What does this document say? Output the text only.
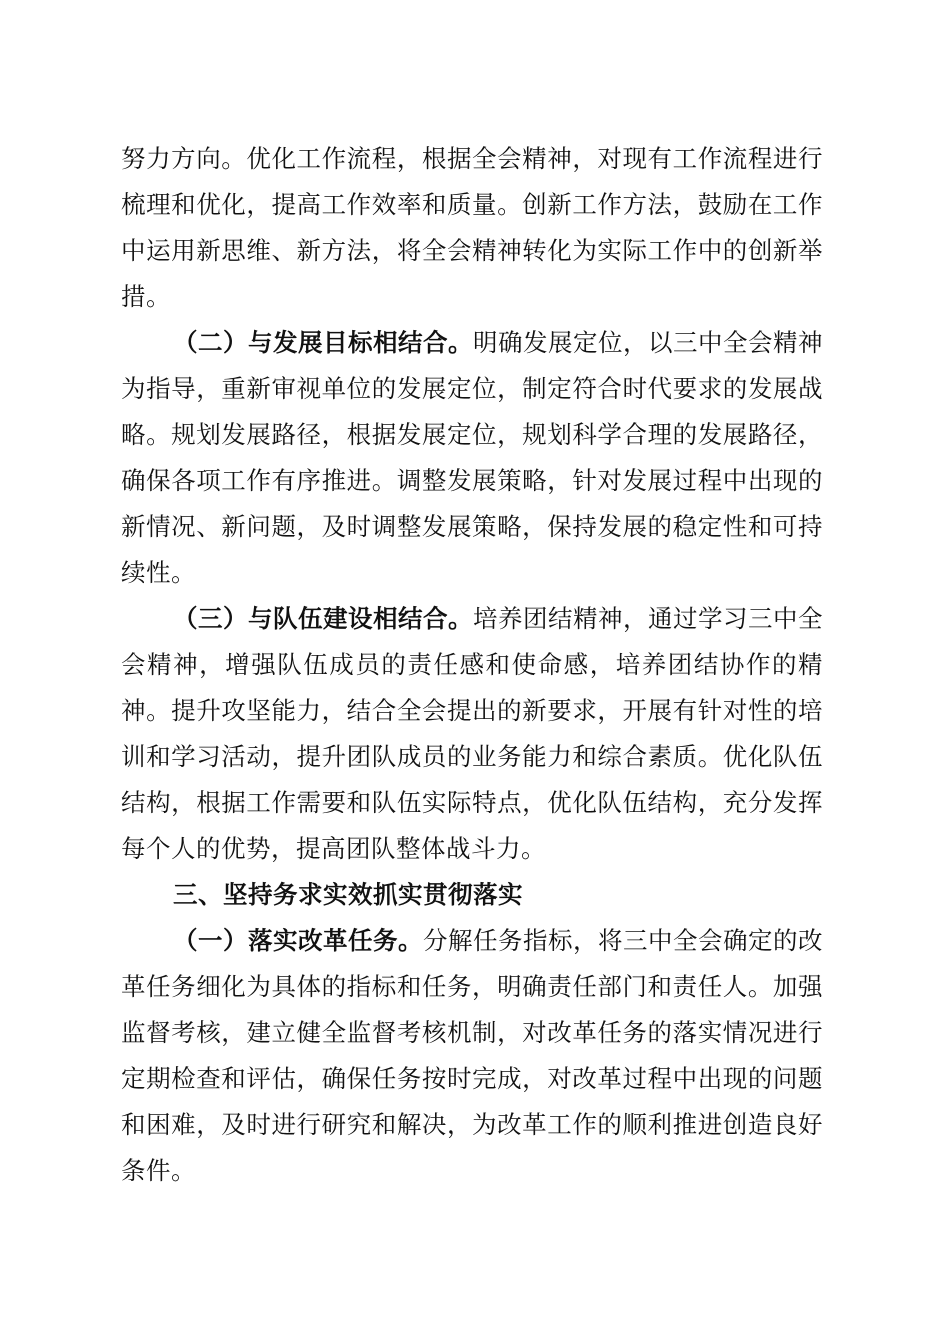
努力方向。优化工作流程，根据全会精神，对现有工作流程进行梳理和优化，提高工作效率和质量。创新工作方法，鼓励在工作中运用新思维、新方法，将全会精神转化为实际工作中的创新举措。

（二）与发展目标相结合。明确发展定位，以三中全会精神为指导，重新审视单位的发展定位，制定符合时代要求的发展战略。规划发展路径，根据发展定位，规划科学合理的发展路径，确保各项工作有序推进。调整发展策略，针对发展过程中出现的新情况、新问题，及时调整发展策略，保持发展的稳定性和可持续性。

（三）与队伍建设相结合。培养团结精神，通过学习三中全会精神，增强队伍成员的责任感和使命感，培养团结协作的精神。提升攻坚能力，结合全会提出的新要求，开展有针对性的培训和学习活动，提升团队成员的业务能力和综合素质。优化队伍结构，根据工作需要和队伍实际特点，优化队伍结构，充分发挥每个人的优势，提高团队整体战斗力。

三、坚持务求实效抓实贯彻落实

（一）落实改革任务。分解任务指标，将三中全会确定的改革任务细化为具体的指标和任务，明确责任部门和责任人。加强监督考核，建立健全监督考核机制，对改革任务的落实情况进行定期检查和评估，确保任务按时完成，对改革过程中出现的问题和困难，及时进行研究和解决，为改革工作的顺利推进创造良好条件。
